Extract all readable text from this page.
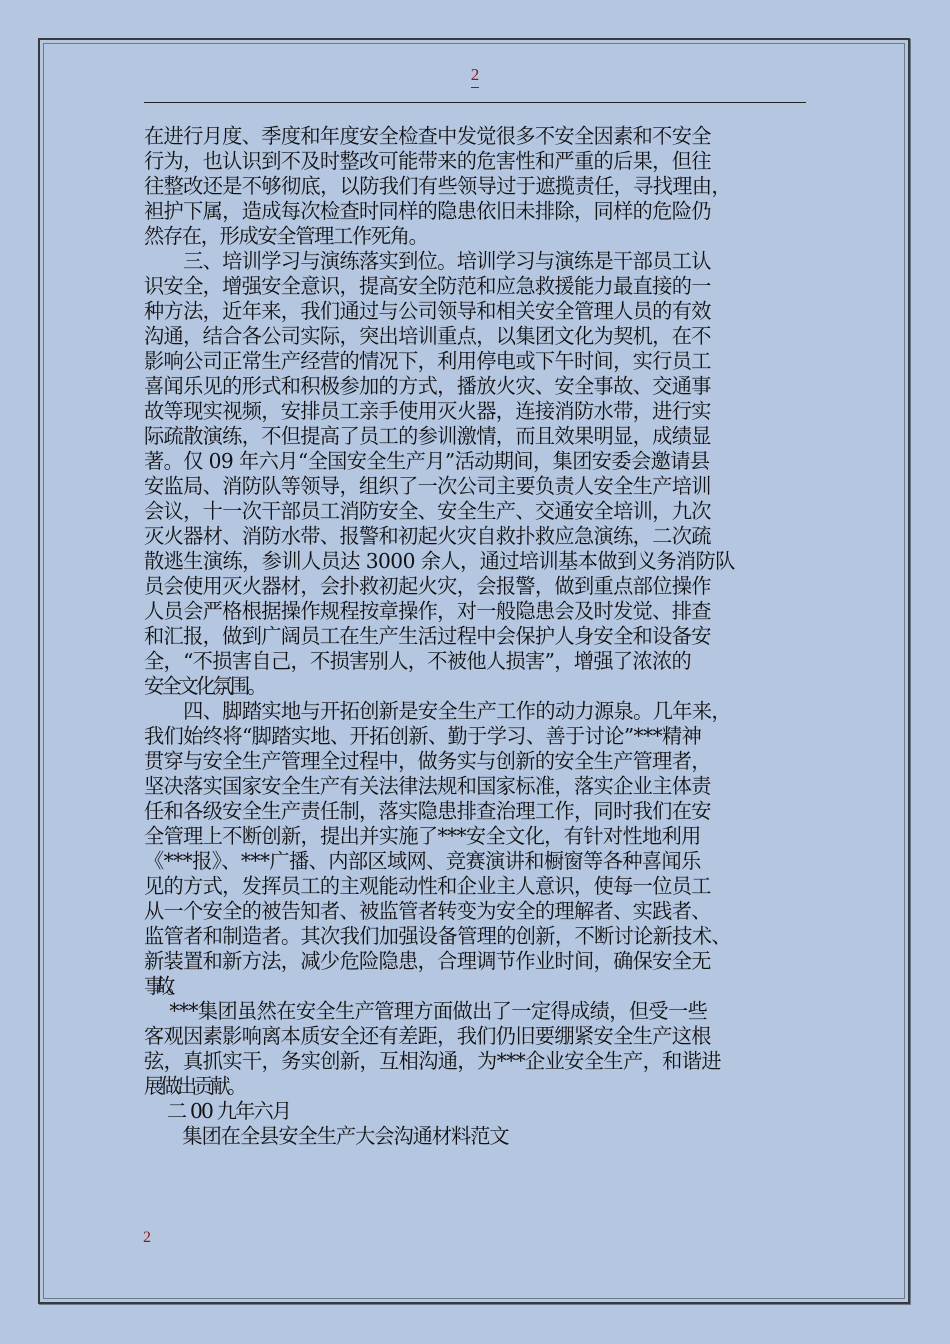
2
在进行月度、季度和年度安全检查中发觉很多不安全因素和不安全
行为，也认识到不及时整改可能带来的危害性和严重的后果，但往
往整改还是不够彻底，以防我们有些领导过于遮揽责任，寻找理由，
袒护下属，造成每次检查时同样的隐患依旧未排除，同样的危险仍
然存在，形成安全管理工作死角。
　　三、培训学习与演练落实到位。培训学习与演练是干部员工认
识安全，增强安全意识，提高安全防范和应急救援能力最直接的一
种方法，近年来，我们通过与公司领导和相关安全管理人员的有效
沟通，结合各公司实际，突出培训重点，以集团文化为契机，在不
影响公司正常生产经营的情况下，利用停电或下午时间，实行员工
喜闻乐见的形式和积极参加的方式，播放火灾、安全事故、交通事
故等现实视频，安排员工亲手使用灭火器，连接消防水带，进行实
际疏散演练，不但提高了员工的参训激情，而且效果明显，成绩显
著。仅 09 年六月“全国安全生产月”活动期间，集团安委会邀请县
安监局、消防队等领导，组织了一次公司主要负责人安全生产培训
会议，十一次干部员工消防安全、安全生产、交通安全培训，九次
灭火器材、消防水带、报警和初起火灾自救扑救应急演练，二次疏
散逃生演练，参训人员达 3000 余人，通过培训基本做到义务消防队
员会使用灭火器材，会扑救初起火灾，会报警，做到重点部位操作
人员会严格根据操作规程按章操作，对一般隐患会及时发觉、排查
和汇报，做到广阔员工在生产生活过程中会保护人身安全和设备安
全，“不损害自己，不损害别人，不被他人损害”，增强了浓浓的
安全文化氛围。
　　四、脚踏实地与开拓创新是安全生产工作的动力源泉。几年来，
我们始终将“脚踏实地、开拓创新、勤于学习、善于讨论”***精神
贯穿与安全生产管理全过程中，做务实与创新的安全生产管理者，
坚决落实国家安全生产有关法律法规和国家标准，落实企业主体责
任和各级安全生产责任制，落实隐患排查治理工作，同时我们在安
全管理上不断创新，提出并实施了***安全文化，有针对性地利用
《***报》、***广播、内部区域网、竞赛演讲和橱窗等各种喜闻乐
见的方式，发挥员工的主观能动性和企业主人意识，使每一位员工
从一个安全的被告知者、被监管者转变为安全的理解者、实践者、
监管者和制造者。其次我们加强设备管理的创新，不断讨论新技术、
新装置和新方法，减少危险隐患，合理调节作业时间，确保安全无
事故。
　 ***集团虽然在安全生产管理方面做出了一定得成绩，但受一些
客观因素影响离本质安全还有差距，我们仍旧要绷紧安全生产这根
弦，真抓实干，务实创新，互相沟通，为***企业安全生产，和谐进
展做出贡献。
　 二 00 九年六月
　　集团在全县安全生产大会沟通材料范文
2
